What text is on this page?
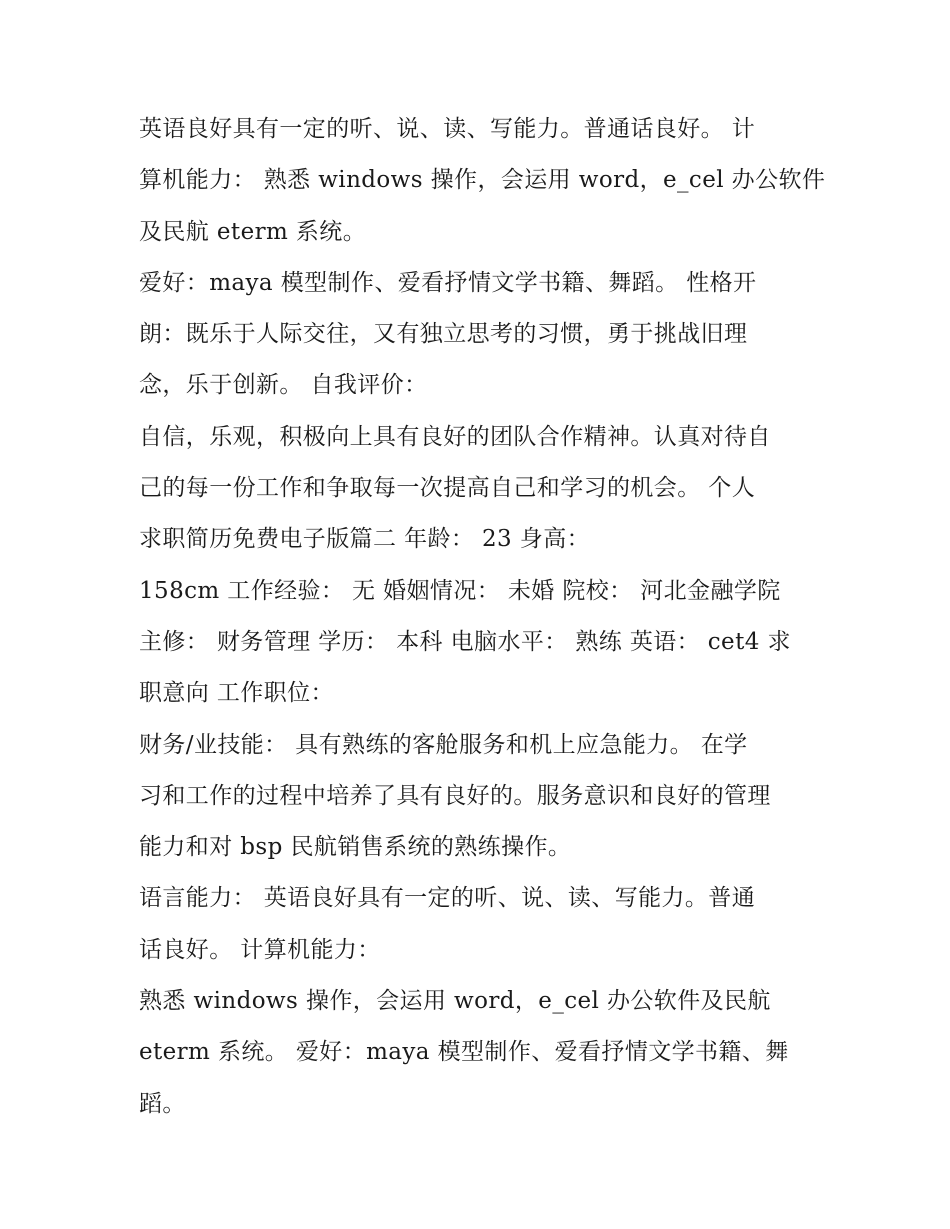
英语良好具有一定的听、说、读、写能力。普通话良好。 计
算机能力： 熟悉 windows 操作，会运用 word，e_cel 办公软件
及民航 eterm 系统。
爱好：maya 模型制作、爱看抒情文学书籍、舞蹈。 性格开
朗：既乐于人际交往，又有独立思考的习惯，勇于挑战旧理
念，乐于创新。 自我评价：
自信，乐观，积极向上具有良好的团队合作精神。认真对待自
己的每一份工作和争取每一次提高自己和学习的机会。 个人
求职简历免费电子版篇二 年龄： 23 身高：
158cm 工作经验： 无 婚姻情况： 未婚 院校： 河北金融学院
主修： 财务管理 学历： 本科 电脑水平： 熟练 英语： cet4 求
职意向 工作职位：
财务/业技能： 具有熟练的客舱服务和机上应急能力。 在学
习和工作的过程中培养了具有良好的。服务意识和良好的管理
能力和对 bsp 民航销售系统的熟练操作。
语言能力： 英语良好具有一定的听、说、读、写能力。普通
话良好。 计算机能力：
熟悉 windows 操作，会运用 word，e_cel 办公软件及民航
eterm 系统。 爱好：maya 模型制作、爱看抒情文学书籍、舞
蹈。
